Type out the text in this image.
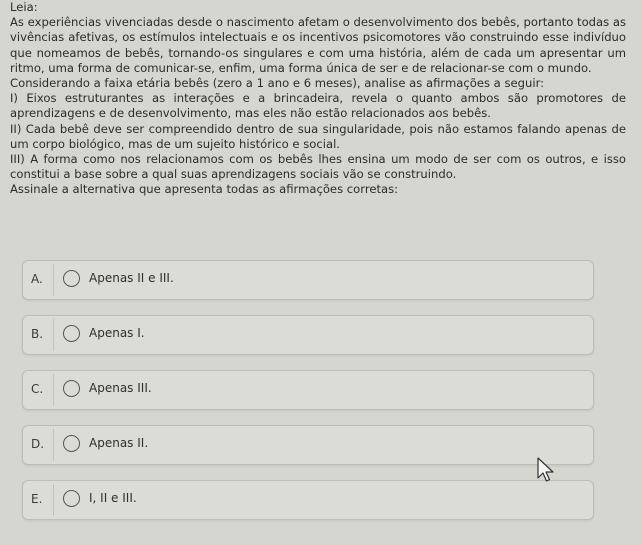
Leia:

As experiências vivenciadas desde o nascimento afetam o desenvolvimento dos bebês, portanto todas as vivências afetivas, os estímulos intelectuais e os incentivos psicomotores vão construindo esse indivíduo que nomeamos de bebês, tornando-os singulares e com uma história, além de cada um apresentar um ritmo, uma forma de comunicar-se, enfim, uma forma única de ser e de relacionar-se com o mundo.

Considerando a faixa etária bebês (zero a 1 ano e 6 meses), analise as afirmações a seguir:

I) Eixos estruturantes as interações e a brincadeira, revela o quanto ambos são promotores de aprendizagens e de desenvolvimento, mas eles não estão relacionados aos bebês.

II) Cada bebê deve ser compreendido dentro de sua singularidade, pois não estamos falando apenas de um corpo biológico, mas de um sujeito histórico e social.

III) A forma como nos relacionamos com os bebês lhes ensina um modo de ser com os outros, e isso constitui a base sobre a qual suas aprendizagens sociais vão se construindo.

Assinale a alternativa que apresenta todas as afirmações corretas:

A.	Apenas II e III.
B.	Apenas I.
C.	Apenas III.
D.	Apenas II.
E.	I, II e III.
